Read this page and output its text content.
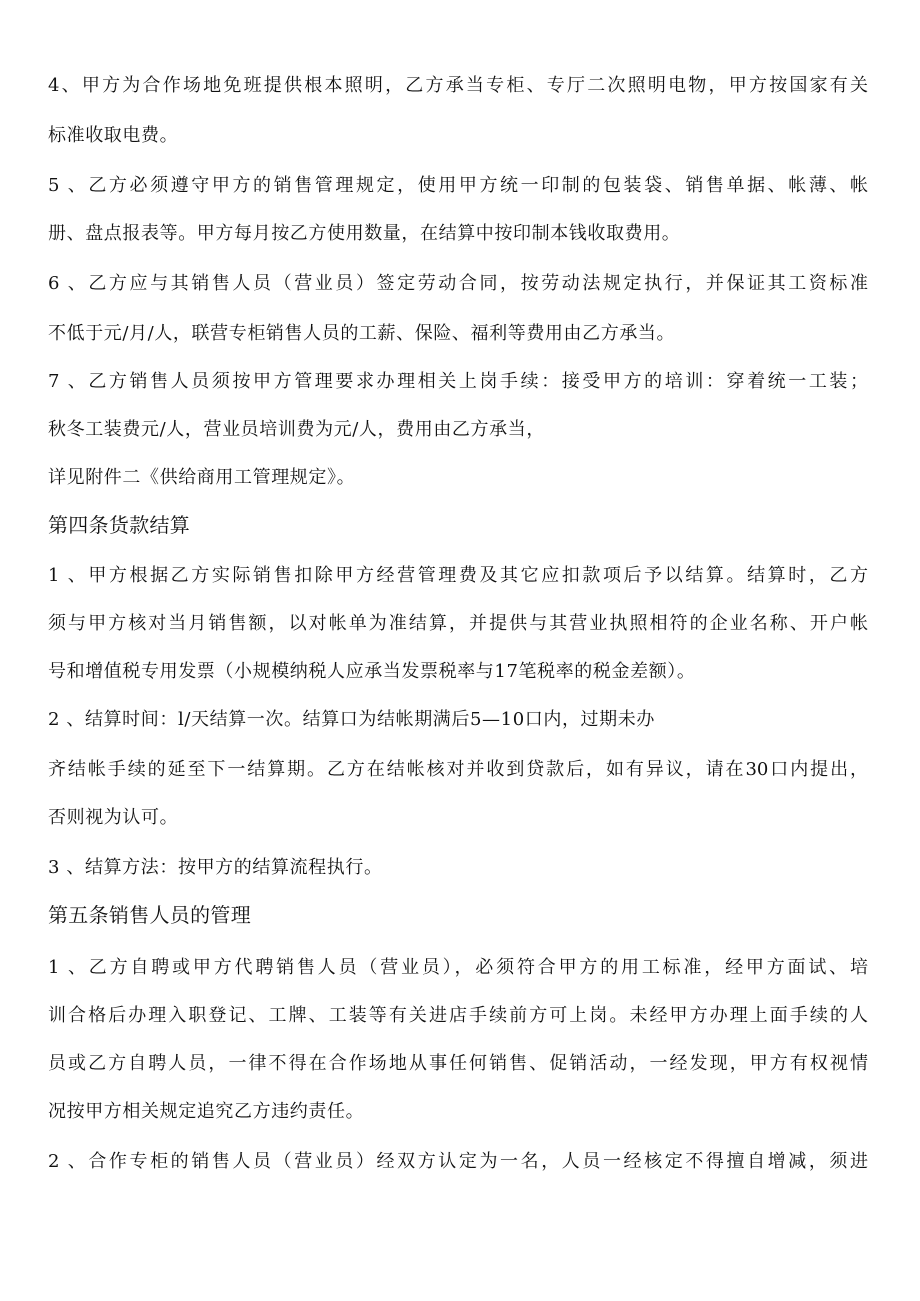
4、甲方为合作场地免班提供根本照明，乙方承当专柜、专厅二次照明电物，甲方按国家有关
标准收取电费。
5 、乙方必须遵守甲方的销售管理规定，使用甲方统一印制的包装袋、销售单据、帐薄、帐
册、盘点报表等。甲方每月按乙方使用数量，在结算中按印制本钱收取费用。
6 、乙方应与其销售人员（营业员）签定劳动合同，按劳动法规定执行，并保证其工资标准
不低于元/月/人，联营专柜销售人员的工薪、保险、福利等费用由乙方承当。
7 、乙方销售人员须按甲方管理要求办理相关上岗手续：接受甲方的培训：穿着统一工装；
秋冬工装费元/人，营业员培训费为元/人，费用由乙方承当，
详见附件二《供给商用工管理规定》。
第四条货款结算
1 、甲方根据乙方实际销售扣除甲方经营管理费及其它应扣款项后予以结算。结算时，乙方
须与甲方核对当月销售额，以对帐单为准结算，并提供与其营业执照相符的企业名称、开户帐
号和增值税专用发票（小规模纳税人应承当发票税率与17笔税率的税金差额）。
2 、结算时间：l/天结算一次。结算口为结帐期满后5—10口内，过期未办
齐结帐手续的延至下一结算期。乙方在结帐核对并收到贷款后，如有异议，请在30口内提出，
否则视为认可。
3 、结算方法：按甲方的结算流程执行。
第五条销售人员的管理
1 、乙方自聘或甲方代聘销售人员（营业员），必须符合甲方的用工标准，经甲方面试、培
训合格后办理入职登记、工牌、工装等有关进店手续前方可上岗。未经甲方办理上面手续的人
员或乙方自聘人员，一律不得在合作场地从事任何销售、促销活动，一经发现，甲方有权视情
况按甲方相关规定追究乙方违约责任。
2 、合作专柜的销售人员（营业员）经双方认定为一名，人员一经核定不得擅自增减，须进
